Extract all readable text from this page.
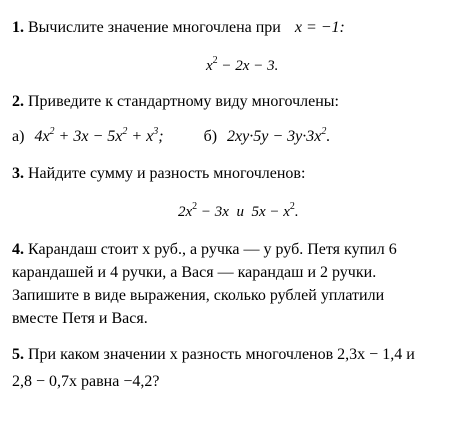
1. Вычислите значение многочлена при x = −1:
$x^2 - 2x - 3$.
2. Приведите к стандартному виду многочлены:
а) $4x^2 + 3x - 5x^2 + x^3$;	б) $2xy\cdot 5y - 3y\cdot 3x^2$.
3. Найдите сумму и разность многочленов:
$2x^2 - 3x$  и  $5x - x^2$.
4. Карандаш стоит x руб., а ручка — y руб. Петя купил 6
карандашей и 4 ручки, а Вася — карандаш и 2 ручки.
Запишите в виде выражения, сколько рублей уплатили
вместе Петя и Вася.
5. При каком значении x разность многочленов 2,3x − 1,4 и
2,8 − 0,7x равна −4,2?
